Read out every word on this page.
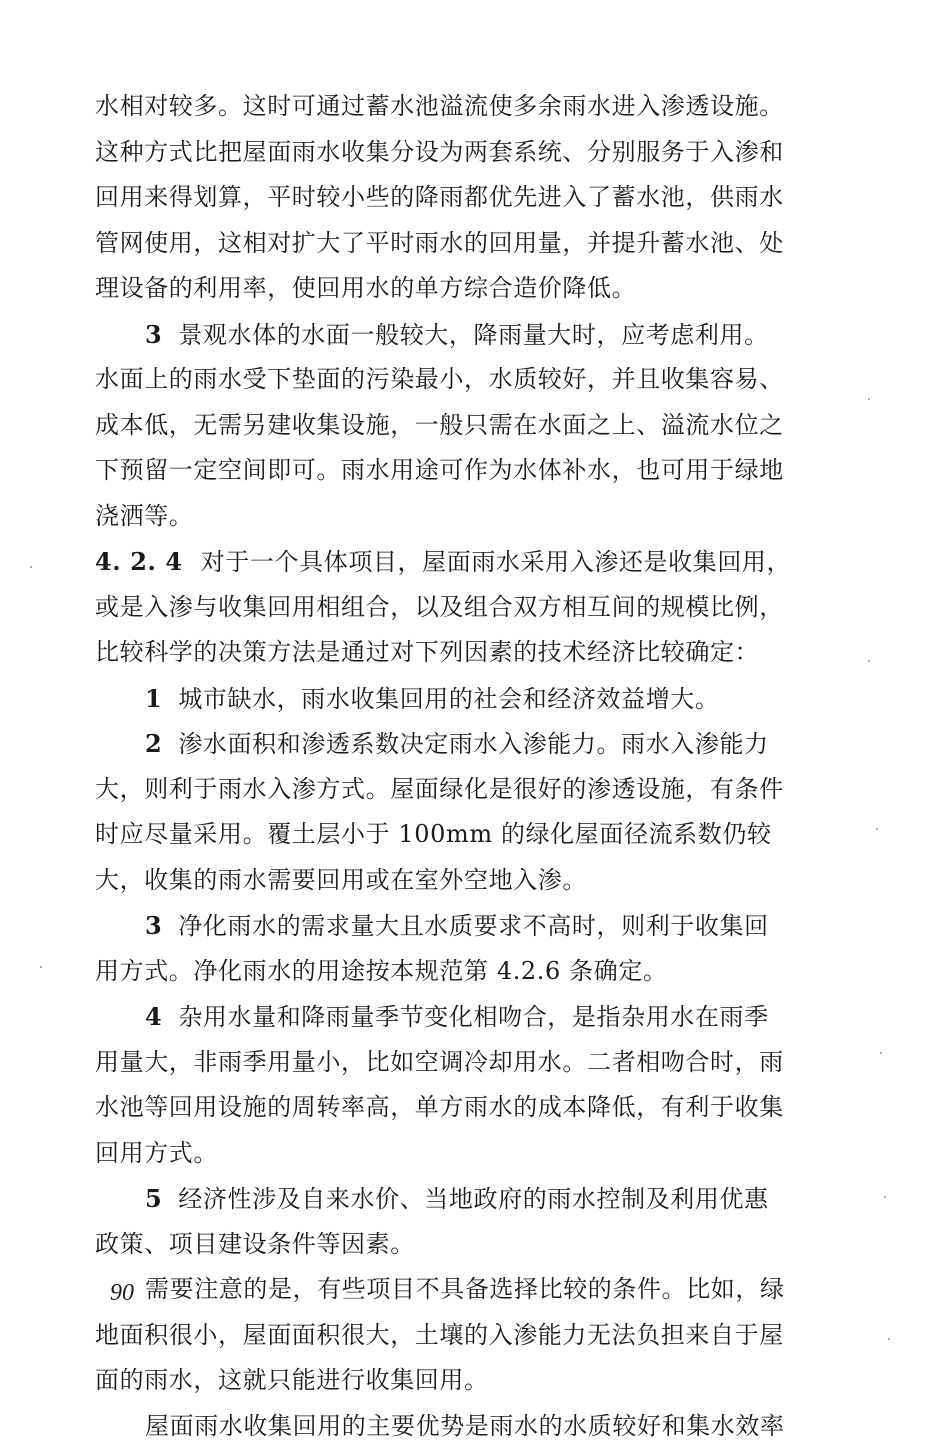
水相对较多。这时可通过蓄水池溢流使多余雨水进入渗透设施。
这种方式比把屋面雨水收集分设为两套系统、分别服务于入渗和
回用来得划算，平时较小些的降雨都优先进入了蓄水池，供雨水
管网使用，这相对扩大了平时雨水的回用量，并提升蓄水池、处
理设备的利用率，使回用水的单方综合造价降低。
3 景观水体的水面一般较大，降雨量大时，应考虑利用。
水面上的雨水受下垫面的污染最小，水质较好，并且收集容易、
成本低，无需另建收集设施，一般只需在水面之上、溢流水位之
下预留一定空间即可。雨水用途可作为水体补水，也可用于绿地
浇洒等。
4. 2. 4 对于一个具体项目，屋面雨水采用入渗还是收集回用，
或是入渗与收集回用相组合，以及组合双方相互间的规模比例，
比较科学的决策方法是通过对下列因素的技术经济比较确定：
1 城市缺水，雨水收集回用的社会和经济效益增大。
2 渗水面积和渗透系数决定雨水入渗能力。雨水入渗能力
大，则利于雨水入渗方式。屋面绿化是很好的渗透设施，有条件
时应尽量采用。覆土层小于 100mm 的绿化屋面径流系数仍较
大，收集的雨水需要回用或在室外空地入渗。
3 净化雨水的需求量大且水质要求不高时，则利于收集回
用方式。净化雨水的用途按本规范第 4.2.6 条确定。
4 杂用水量和降雨量季节变化相吻合，是指杂用水在雨季
用量大，非雨季用量小，比如空调冷却用水。二者相吻合时，雨
水池等回用设施的周转率高，单方雨水的成本降低，有利于收集
回用方式。
5 经济性涉及自来水价、当地政府的雨水控制及利用优惠
政策、项目建设条件等因素。
需要注意的是，有些项目不具备选择比较的条件。比如，绿
地面积很小，屋面面积很大，土壤的入渗能力无法负担来自于屋
面的雨水，这就只能进行收集回用。
屋面雨水收集回用的主要优势是雨水的水质较好和集水效率
90
